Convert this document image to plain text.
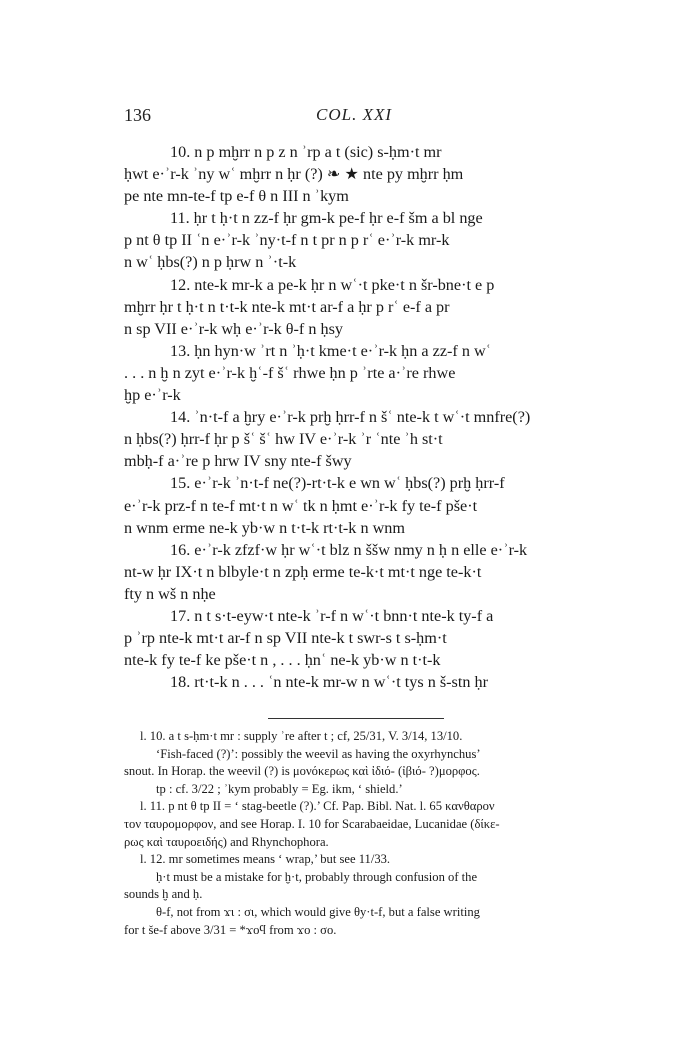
136	COL. XXI
10. n p mḫrr n p z n ʾrp a t (sic) s-ḥm·t mr
ḥwt e·ʾr-k ʾny wʿ mḫrr n ḥr (?) ❧ ★ nte py mḫrr ḥm
pe nte mn-te-f tp e-f θ n III n ʾkym
11. ḥr t ḥ·t n zz-f ḥr gm-k pe-f ḥr e-f šm a bl nge
p nt θ tp II ʿn e·ʾr-k ʾny·t-f n t pr n p rʿ e·ʾr-k mr-k
n wʿ ḥbs(?) n p ḥrw n ʾ·t-k
12. nte-k mr-k a pe-k ḥr n wʿ·t pke·t n šr-bne·t e p
mḫrr ḥr t ḥ·t n t·t-k nte-k mt·t ar-f a ḥr p rʿ e-f a pr
n sp VII e·ʾr-k wḥ e·ʾr-k θ-f n ḥsy
13. ḥn hyn·w ʾrt n ʾḥ·t kme·t e·ʾr-k ḥn a zz-f n wʿ
. . . n ḫ n zyt e·ʾr-k ḫʿ-f šʿ rhwe ḥn p ʾrte a·ʾre rhwe
ḫp e·ʾr-k
14. ʾn·t-f a ḫry e·ʾr-k prḫ ḥrr-f n šʿ nte-k t wʿ·t mnfre(?)
n ḥbs(?) ḥrr-f ḥr p šʿ šʿ hw IV e·ʾr-k ʾr ʿnte ʾh st·t
mbḥ-f a·ʾre p hrw IV sny nte-f šwy
15. e·ʾr-k ʾn·t-f ne(?)-rt·t-k e wn wʿ ḥbs(?) prḫ ḥrr-f
e·ʾr-k prz-f n te-f mt·t n wʿ tk n ḥmt e·ʾr-k fy te-f pše·t
n wnm erme ne-k yb·w n t·t-k rt·t-k n wnm
16. e·ʾr-k zfzf·w ḥr wʿ·t blz n ššw nmy n ḥ n elle e·ʾr-k
nt-w ḥr IX·t n blbyle·t n zpḥ erme te-k·t mt·t nge te-k·t
fty n wš n nḥe
17. n t s·t-eyw·t nte-k ʾr-f n wʿ·t bnn·t nte-k ty-f a
p ʾrp nte-k mt·t ar-f n sp VII nte-k t swr-s t s-ḥm·t
nte-k fy te-f ke pše·t n , . . . ḥnʿ ne-k yb·w n t·t-k
18. rt·t-k n . . . ʿn nte-k mr-w n wʿ·t tys n š-stn ḥr
l. 10. a t s-ḥm·t mr : supply ʾre after t ; cf, 25/31, V. 3/14, 13/10.
‘Fish-faced (?)’: possibly the weevil as having the oxyrhynchus’
snout. In Horap. the weevil (?) is μονόκερως καὶ ἰδιό- (ἰβιό- ?)μορφος.
tp : cf. 3/22 ; ʾkym probably = Eg. ikm, ‘ shield.’
l. 11. p nt θ tp II = ‘ stag-beetle (?).’ Cf. Pap. Bibl. Nat. l. 65 κανθαρον
τον ταυρομορφον, and see Horap. I. 10 for Scarabaeidae, Lucanidae (δίκε-
ρως καὶ ταυροειδής) and Rhynchophora.
l. 12. mr sometimes means ‘ wrap,’ but see 11/33.
ḥ·t must be a mistake for ḫ·t, probably through confusion of the
sounds ḫ and ḥ.
θ-f, not from ϫι : σι, which would give θy·t-f, but a false writing
for t še-f above 3/31 = *ϫοϥ from ϫο : σο.
